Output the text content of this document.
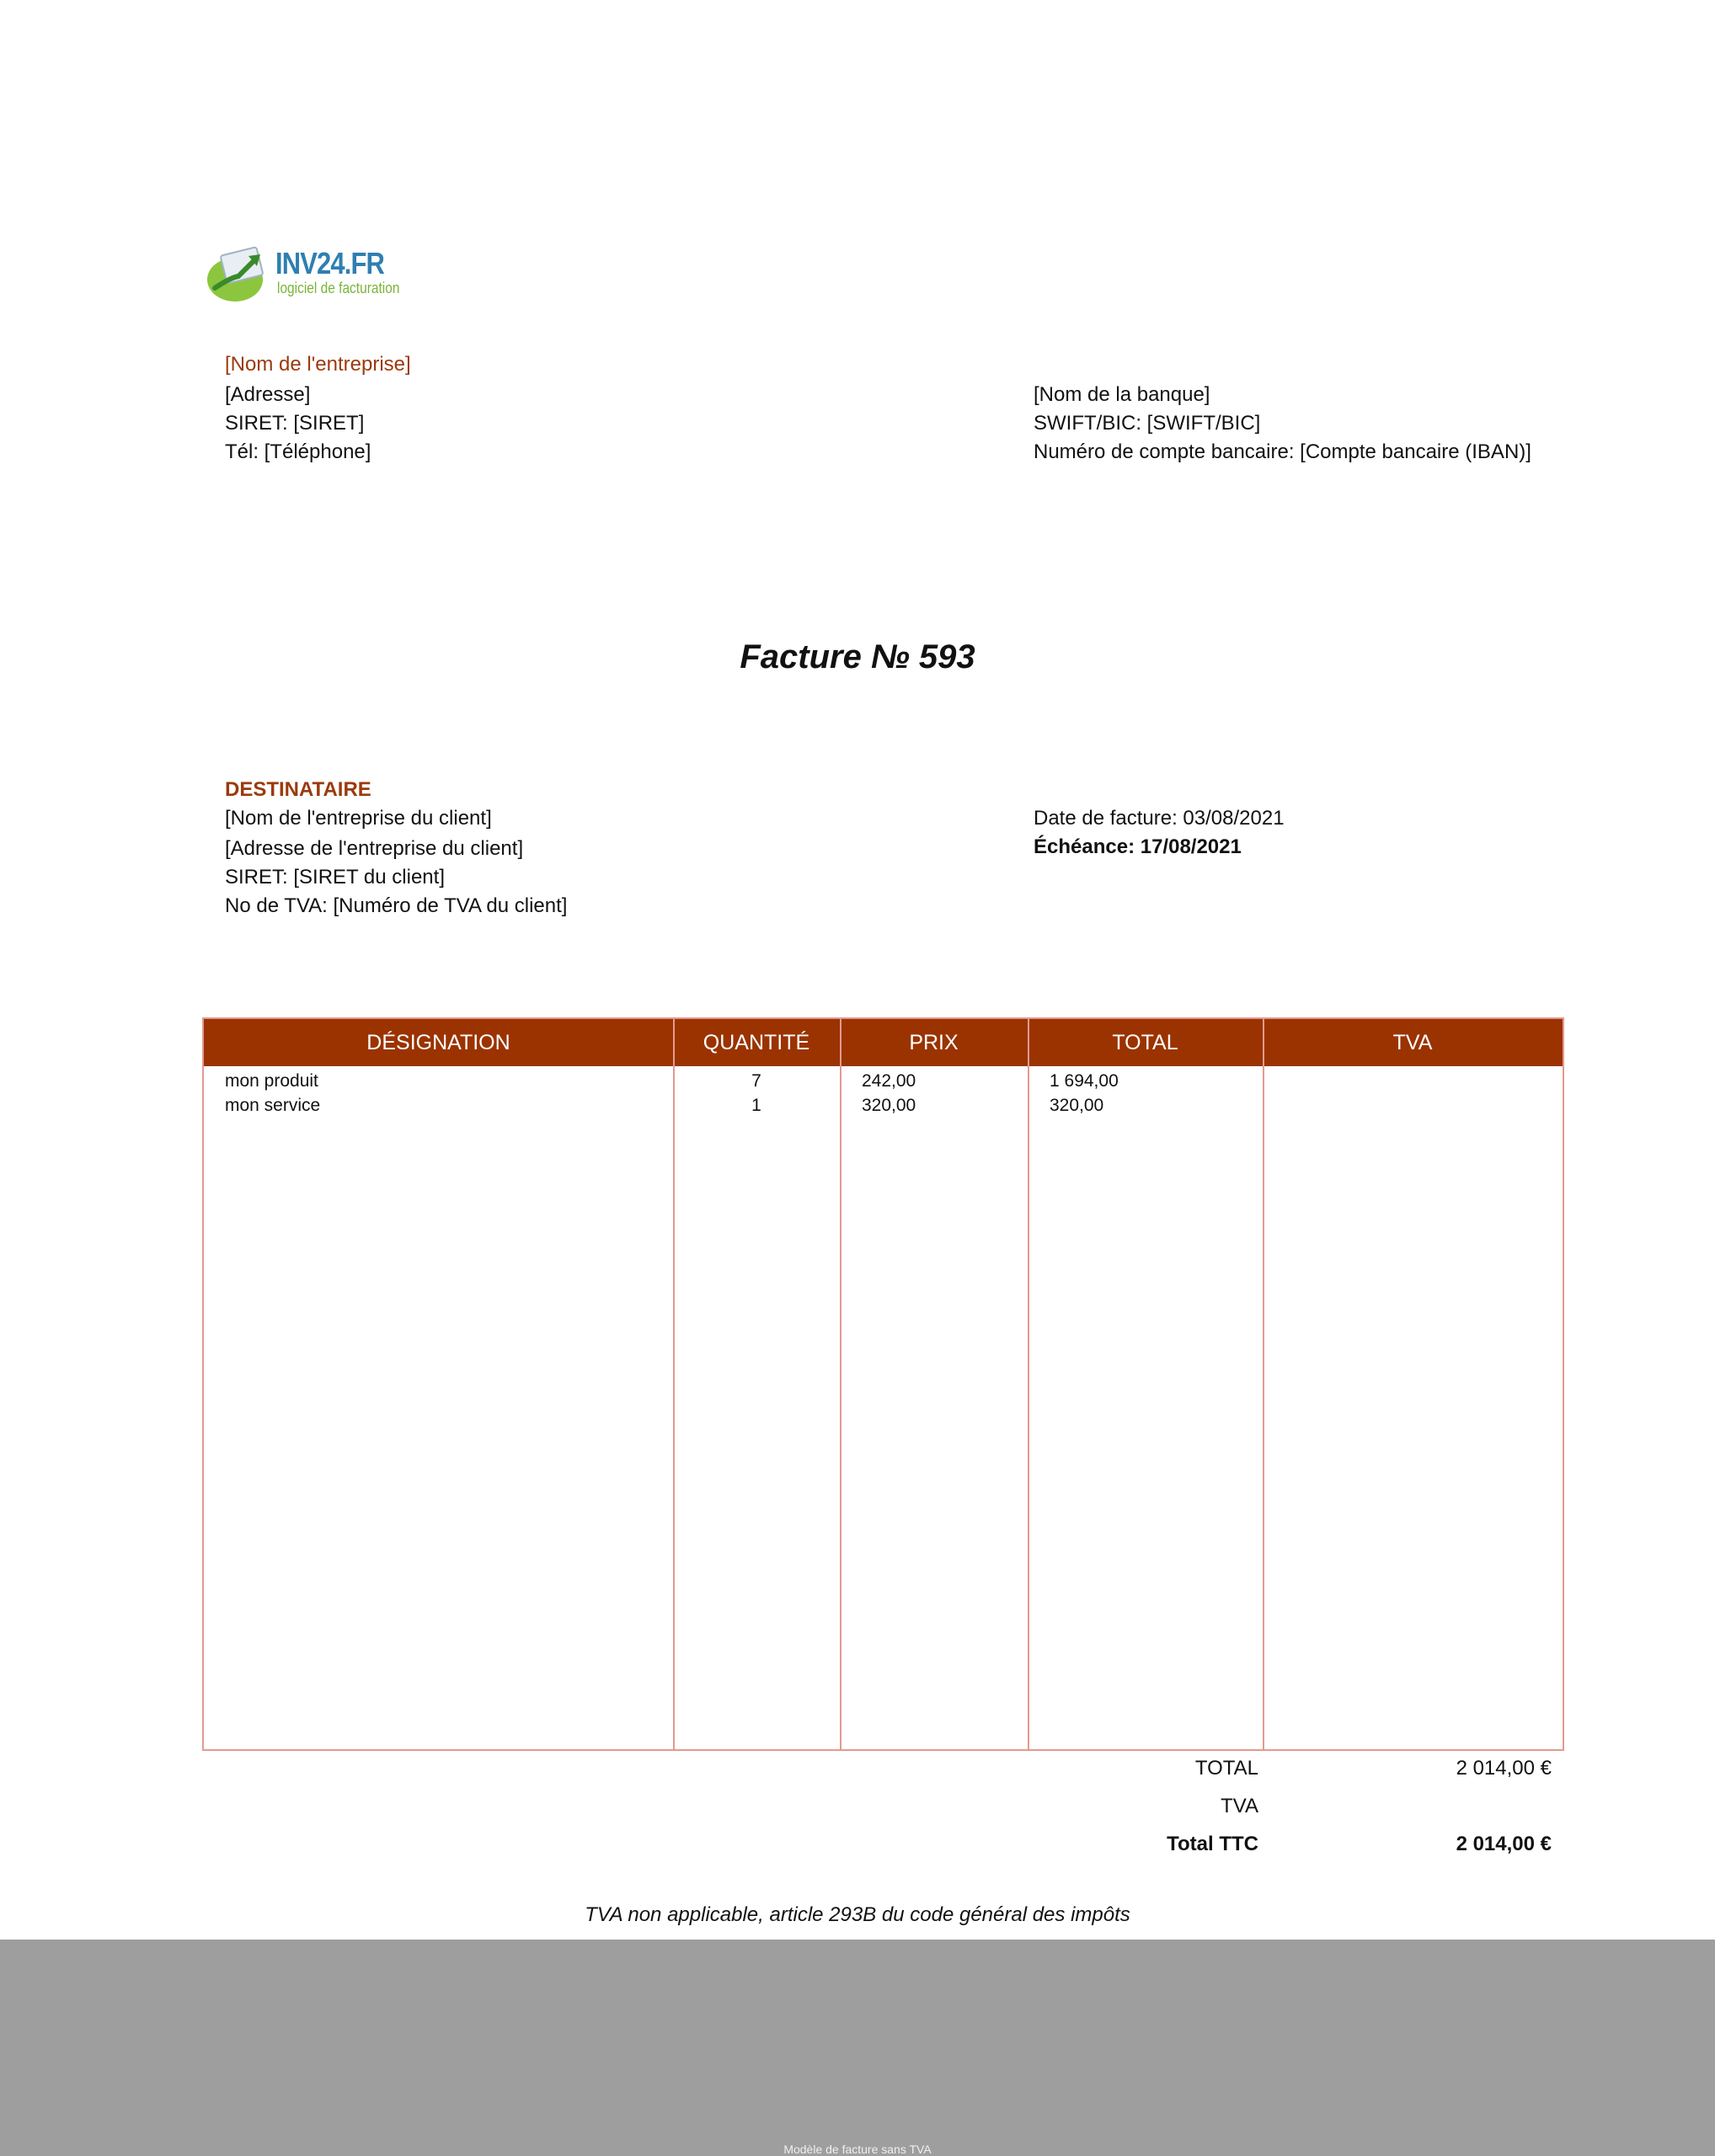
INV24.FR
logiciel de facturation
[Nom de l'entreprise]
[Adresse]
SIRET: [SIRET]
Tél: [Téléphone]
[Nom de la banque]
SWIFT/BIC: [SWIFT/BIC]
Numéro de compte bancaire: [Compte bancaire (IBAN)]
Facture № 593
DESTINATAIRE
[Nom de l'entreprise du client]
[Adresse de l'entreprise du client]
SIRET: [SIRET du client]
No de TVA: [Numéro de TVA du client]
Date de facture: 03/08/2021
Échéance: 17/08/2021
DÉSIGNATION	QUANTITÉ	PRIX	TOTAL	TVA
mon produit	7	242,00	1 694,00
mon service	1	320,00	320,00
TOTAL	2 014,00 €
TVA
Total TTC	2 014,00 €
TVA non applicable, article 293B du code général des impôts
Modèle de facture sans TVA
